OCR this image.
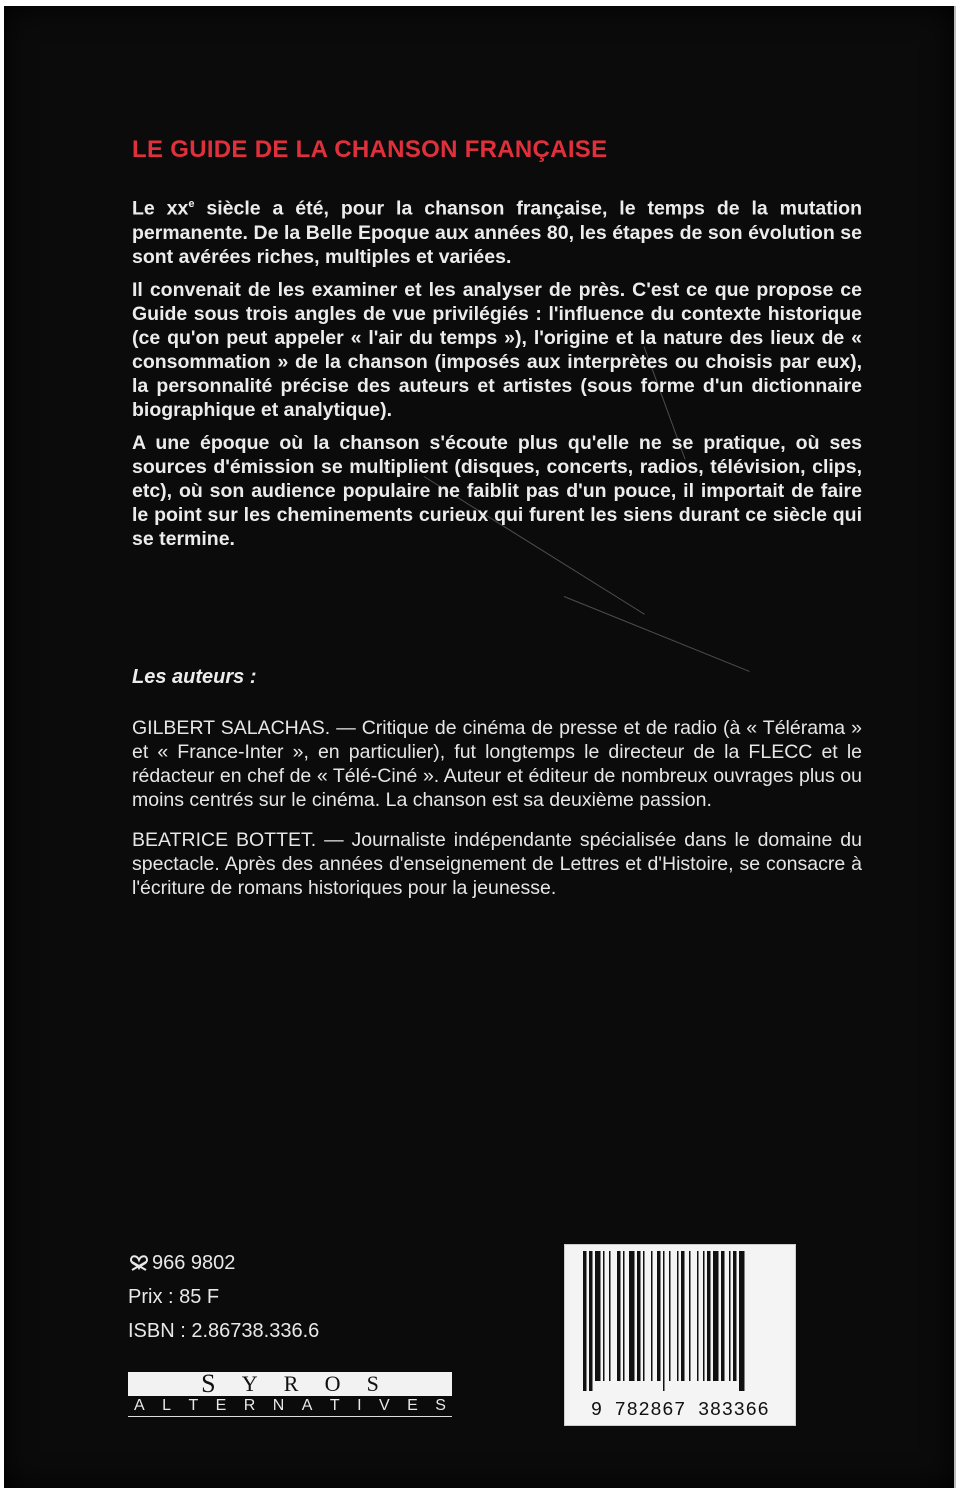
LE GUIDE DE LA CHANSON FRANÇAISE

Le $xx^e$ siècle a été, pour la chanson française, le temps de la mutation permanente. De la Belle Epoque aux années 80, les étapes de son évolution se sont avérées riches, multiples et variées.

Il convenait de les examiner et les analyser de près. C'est ce que propose ce Guide sous trois angles de vue privilégiés : l'influence du contexte historique (ce qu'on peut appeler « l'air du temps »), l'origine et la nature des lieux de « consommation » de la chanson (imposés aux interprètes ou choisis par eux), la personnalité précise des auteurs et artistes (sous forme d'un dictionnaire biographique et analytique).

A une époque où la chanson s'écoute plus qu'elle ne se pratique, où ses sources d'émission se multiplient (disques, concerts, radios, télévision, clips, etc), où son audience populaire ne faiblit pas d'un pouce, il importait de faire le point sur les cheminements curieux qui furent les siens durant ce siècle qui se termine.

Les auteurs :

GILBERT SALACHAS. — Critique de cinéma de presse et de radio (à « Télérama » et « France-Inter », en particulier), fut longtemps le directeur de la FLECC et le rédacteur en chef de « Télé-Ciné ». Auteur et éditeur de nombreux ouvrages plus ou moins centrés sur le cinéma. La chanson est sa deuxième passion.

BEATRICE BOTTET. — Journaliste indépendante spécialisée dans le domaine du spectacle. Après des années d'enseignement de Lettres et d'Histoire, se consacre à l'écriture de romans historiques pour la jeunesse.

966 9802
Prix : 85 F
ISBN : 2.86738.336.6
S Y R O S
A L T E R N A T I V E S	9 782867 383366
